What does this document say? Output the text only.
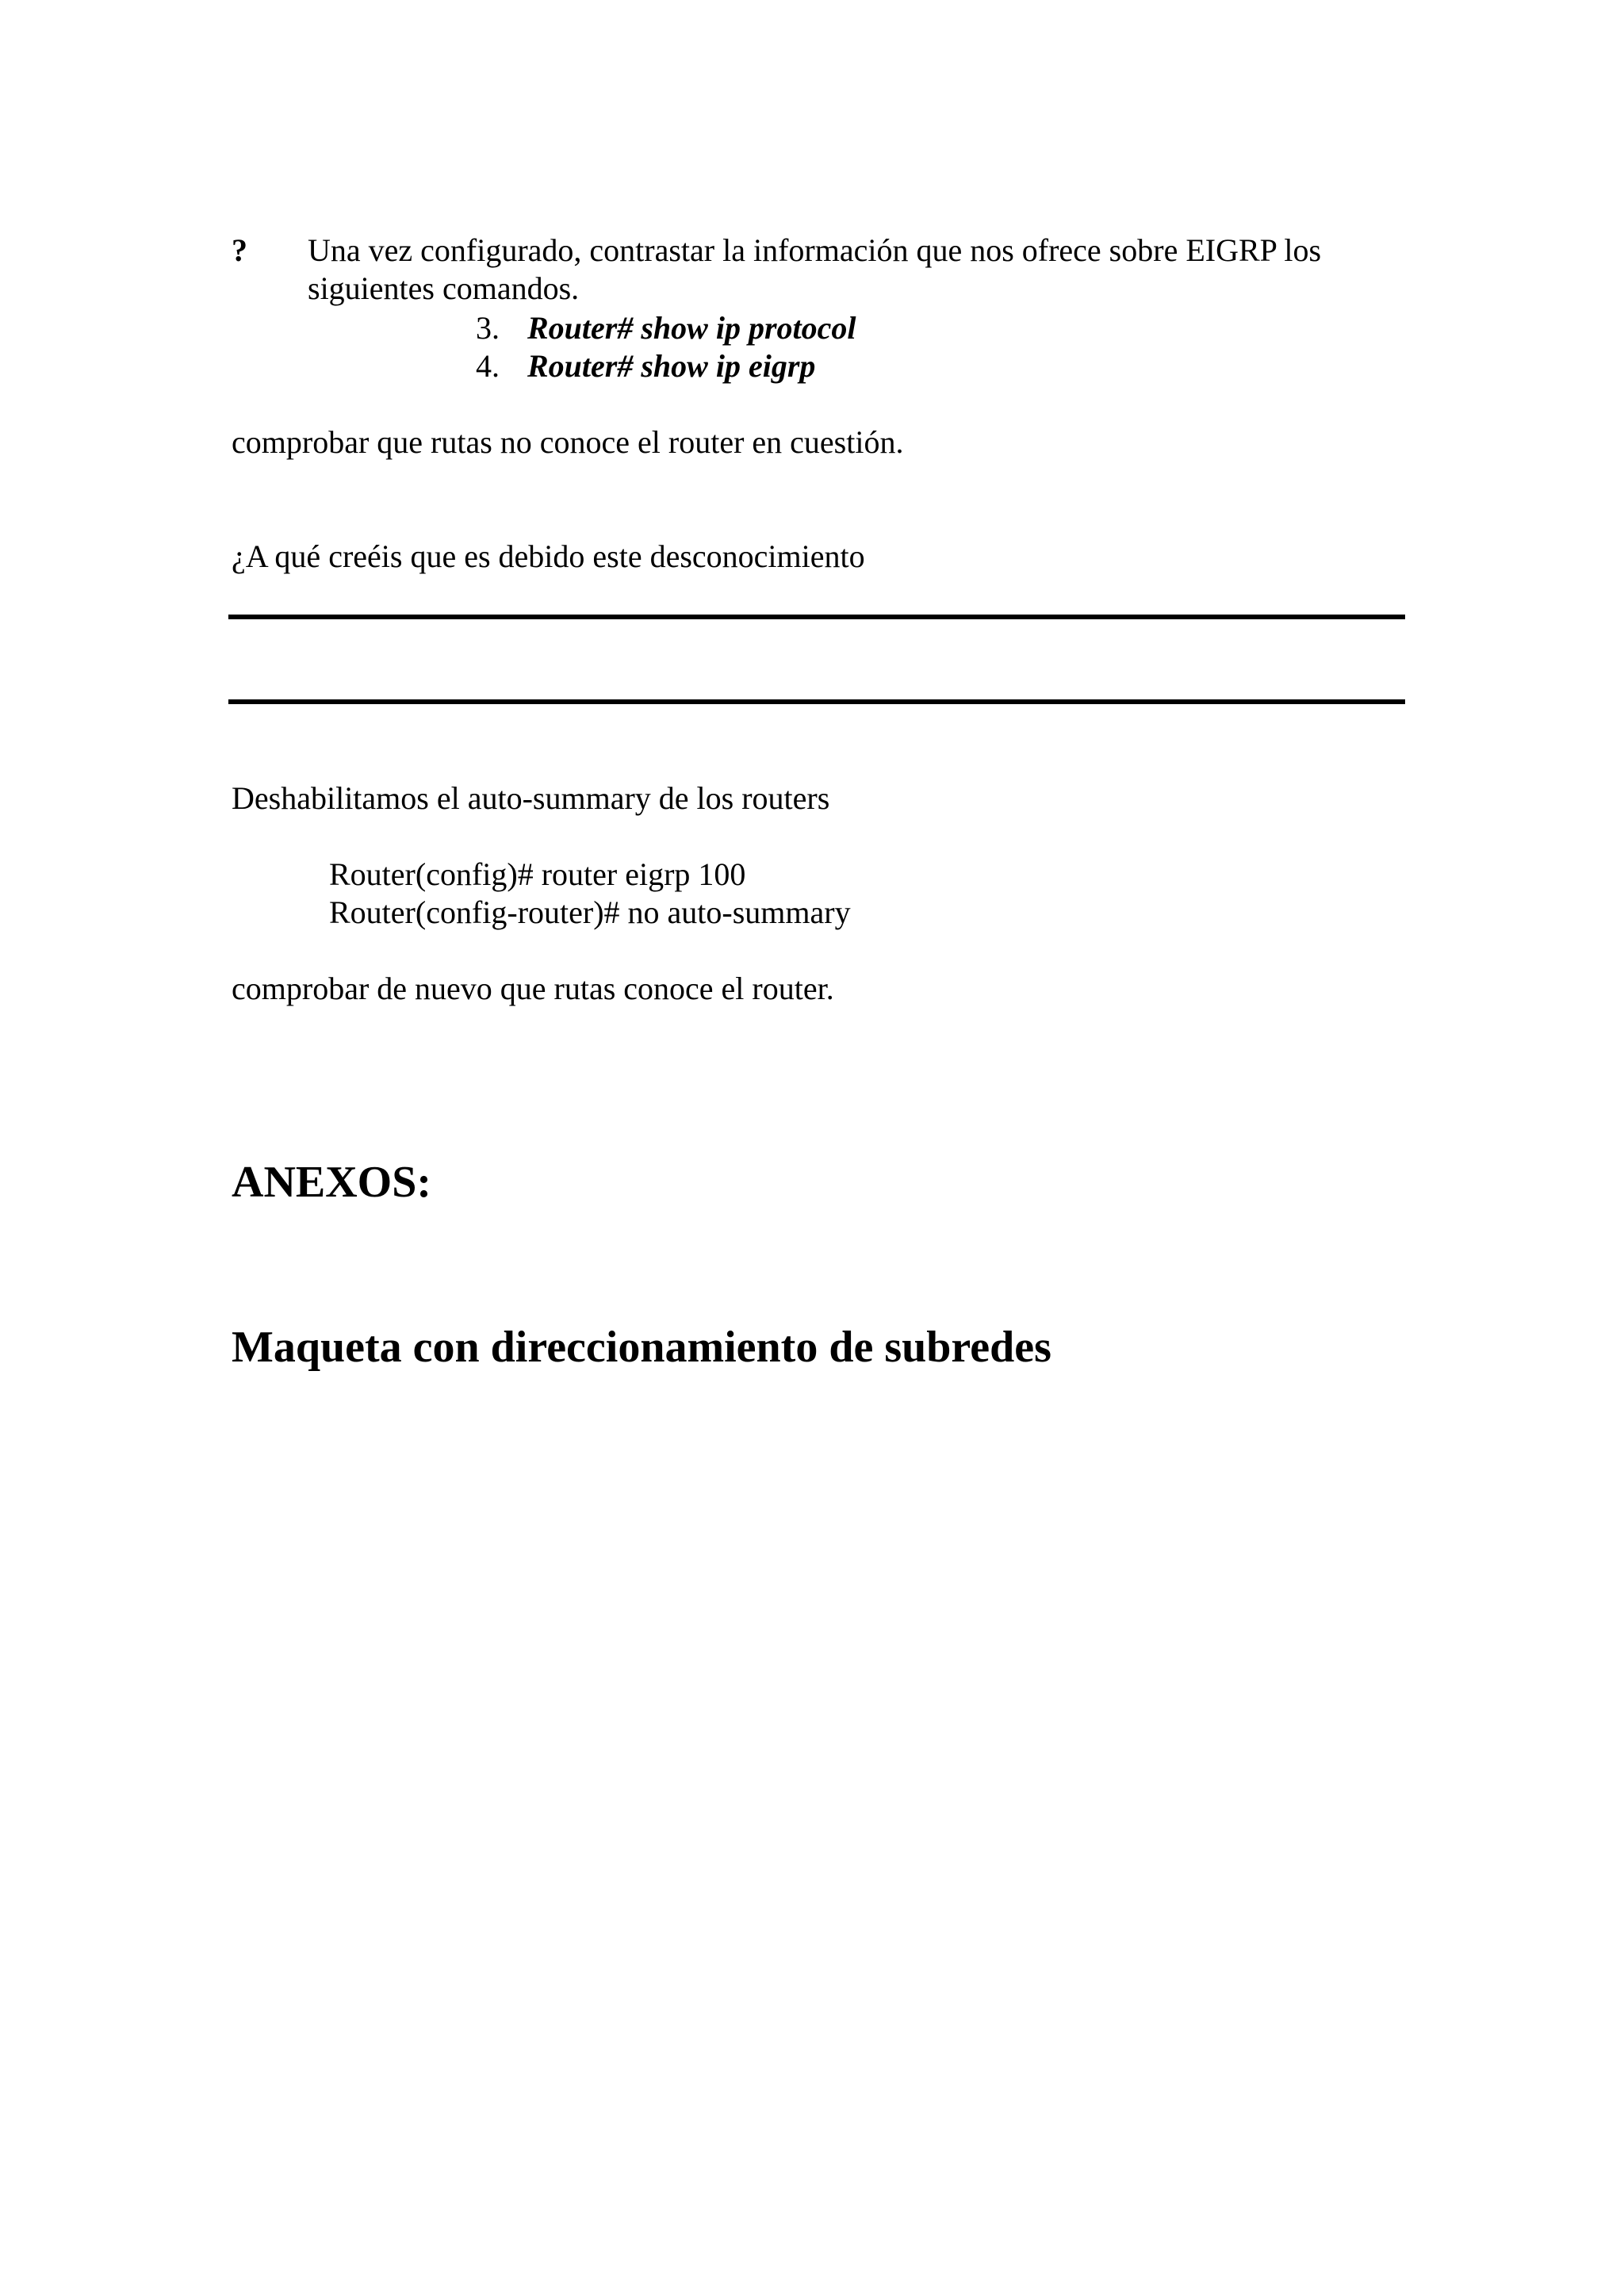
? Una vez configurado, contrastar la información que nos ofrece sobre EIGRP los
siguientes comandos.
3. Router# show ip protocol
4. Router# show ip eigrp
comprobar que rutas no conoce el router en cuestión.
¿A qué creéis que es debido este desconocimiento
Deshabilitamos el auto-summary de los routers
Router(config)# router eigrp 100
Router(config-router)# no auto-summary
comprobar de nuevo que rutas conoce el router.
ANEXOS:
Maqueta con direccionamiento de subredes
